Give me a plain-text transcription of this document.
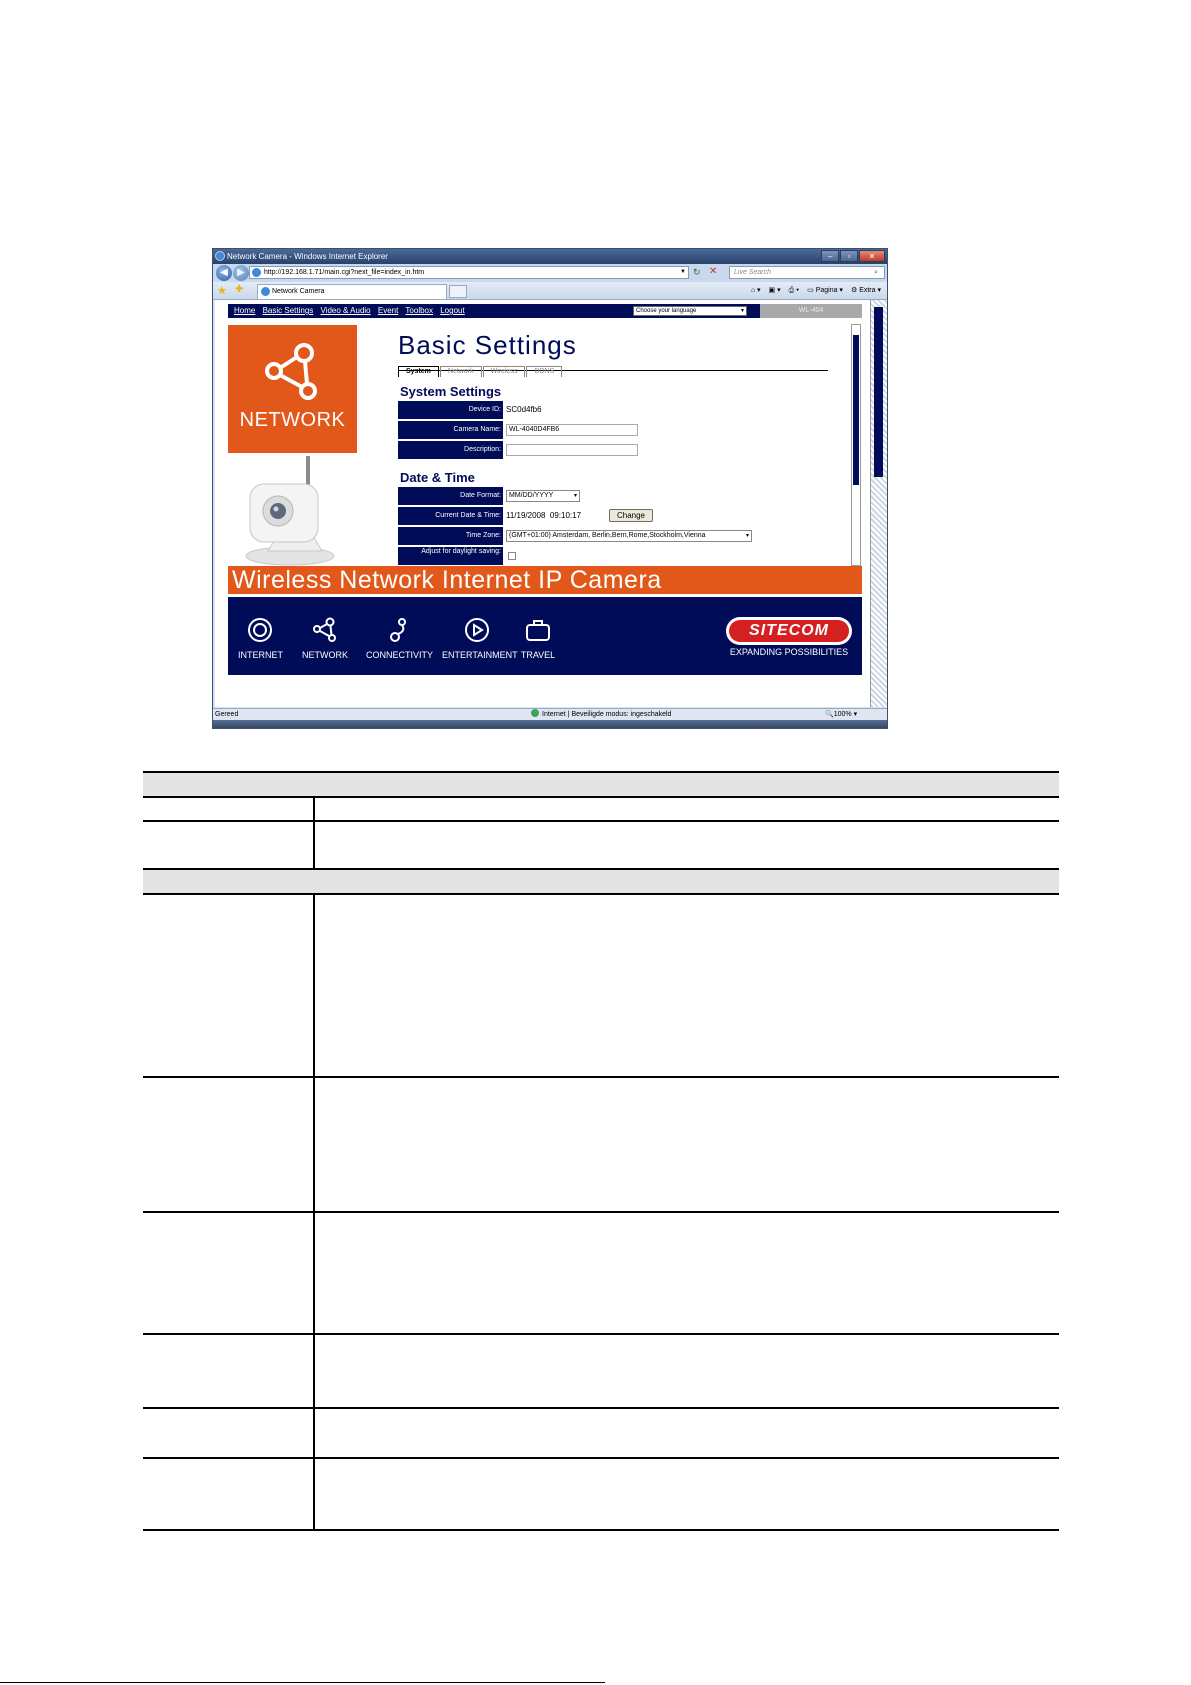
Network Camera - Windows Internet Explorer	–	▫	✕
◀ ▶	http://192.168.1.71/main.cgi?next_file=index_in.htm	▼ ↻ ✕	Live Search	⌕
★ ✚	Network Camera	⌂ ▾ ▣ ▾ ⎙ ▾ ▭ Pagina ▾ ⚙ Extra ▾
Home Basic Settings Video & Audio Event Toolbox Logout	Choose your language	▾	WL-404
NETWORK
Basic Settings
System Network Wireless DDNS
System Settings
Device ID: SC0d4fb6
Camera Name:	WL-4040D4FB6
Description:
Date & Time
Date Format:	MM/DD/YYYY	▾
Current Date & Time: 11/19/2008  09:10:17	Change
Time Zone:	(GMT+01:00) Amsterdam, Berlin,Bern,Rome,Stockholm,Vienna	▾
Adjust for daylight saving:
Wireless Network Internet IP Camera
INTERNET NETWORK CONNECTIVITY ENTERTAINMENT TRAVEL
SITECOM
EXPANDING POSSIBILITIES
Gereed	Internet | Beveiligde modus: ingeschakeld	🔍100% ▾
